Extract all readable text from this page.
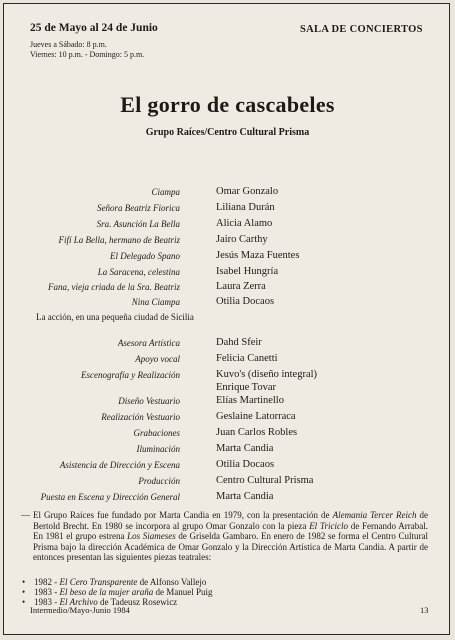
25 de Mayo al 24 de Junio	SALA DE CONCIERTOS
Jueves a Sábado: 8 p.m.
Viernes: 10 p.m. - Domingo: 5 p.m.
El gorro de cascabeles
Grupo Raíces/Centro Cultural Prisma
Ciampa	Omar Gonzalo
Señora Beatriz Fiorica	Liliana Durán
Sra. Asunción La Bella	Alicia Alamo
Fifí La Bella, hermano de Beatriz	Jairo Carthy
El Delegado Spano	Jesús Maza Fuentes
La Saracena, celestina	Isabel Hungría
Fana, vieja criada de la Sra. Beatriz	Laura Zerra
Nina Ciampa	Otilia Docaos
La acción, en una pequeña ciudad de Sicilia
Asesora Artística	Dahd Sfeir
Apoyo vocal	Felicia Canetti
Escenografía y Realización	Kuvo's (diseño integral)
Enrique Tovar
Diseño Vestuario	Elías Martinello
Realización Vestuario	Geslaine Latorraca
Grabaciones	Juan Carlos Robles
Iluminación	Marta Candia
Asistencia de Dirección y Escena	Otilia Docaos
Producción	Centro Cultural Prisma
Puesta en Escena y Dirección General	Marta Candia
— El Grupo Raíces fue fundado por Marta Candia en 1979, con la presentación de Alemania Tercer Reich de Bertold Brecht. En 1980 se incorpora al grupo Omar Gonzalo con la pieza El Triciclo de Fernando Arrabal. En 1981 el grupo estrena Los Siameses de Griselda Gambaro. En enero de 1982 se forma el Centro Cultural Prisma bajo la dirección Académica de Omar Gonzalo y la Dirección Artística de Marta Candia. A partir de entonces presentan las siguientes piezas teatrales:
• 1982 - El Cero Transparente de Alfonso Vallejo
• 1983 - El beso de la mujer araña de Manuel Puig
• 1983 - El Archivo de Tadeusz Rosewicz
Intermedio/Mayo-Junio 1984	13
